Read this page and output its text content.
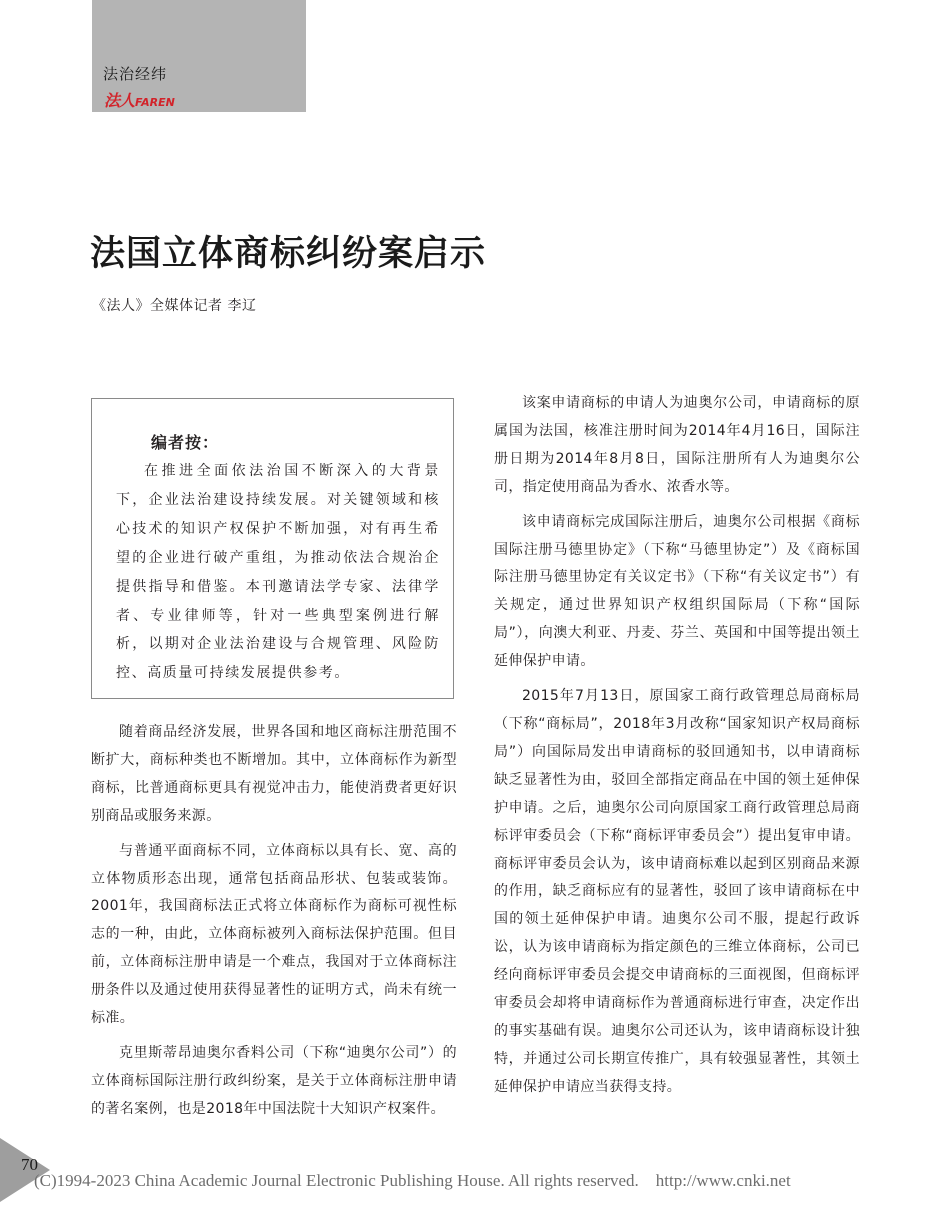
法治经纬
法人 FAREN
法国立体商标纠纷案启示
《法人》全媒体记者 李辽
编者按：

在推进全面依法治国不断深入的大背景下，企业法治建设持续发展。对关键领域和核心技术的知识产权保护不断加强，对有再生希望的企业进行破产重组，为推动依法合规治企提供指导和借鉴。本刊邀请法学专家、法律学者、专业律师等，针对一些典型案例进行解析，以期对企业法治建设与合规管理、风险防控、高质量可持续发展提供参考。

随着商品经济发展，世界各国和地区商标注册范围不断扩大，商标种类也不断增加。其中，立体商标作为新型商标，比普通商标更具有视觉冲击力，能使消费者更好识别商品或服务来源。

与普通平面商标不同，立体商标以具有长、宽、高的立体物质形态出现，通常包括商品形状、包装或装饰。2001年，我国商标法正式将立体商标作为商标可视性标志的一种，由此，立体商标被列入商标法保护范围。但目前，立体商标注册申请是一个难点，我国对于立体商标注册条件以及通过使用获得显著性的证明方式，尚未有统一标准。

克里斯蒂昂迪奥尔香料公司（下称“迪奥尔公司”）的立体商标国际注册行政纠纷案，是关于立体商标注册申请的著名案例，也是2018年中国法院十大知识产权案件。

该案申请商标的申请人为迪奥尔公司，申请商标的原属国为法国，核准注册时间为2014年4月16日，国际注册日期为2014年8月8日，国际注册所有人为迪奥尔公司，指定使用商品为香水、浓香水等。

该申请商标完成国际注册后，迪奥尔公司根据《商标国际注册马德里协定》（下称“马德里协定”）及《商标国际注册马德里协定有关议定书》（下称“有关议定书”）有关规定，通过世界知识产权组织国际局（下称“国际局”），向澳大利亚、丹麦、芬兰、英国和中国等提出领土延伸保护申请。

2015年7月13日，原国家工商行政管理总局商标局（下称“商标局”，2018年3月改称“国家知识产权局商标局”）向国际局发出申请商标的驳回通知书，以申请商标缺乏显著性为由，驳回全部指定商品在中国的领土延伸保护申请。之后，迪奥尔公司向原国家工商行政管理总局商标评审委员会（下称“商标评审委员会”）提出复审申请。商标评审委员会认为，该申请商标难以起到区别商品来源的作用，缺乏商标应有的显著性，驳回了该申请商标在中国的领土延伸保护申请。迪奥尔公司不服，提起行政诉讼，认为该申请商标为指定颜色的三维立体商标，公司已经向商标评审委员会提交申请商标的三面视图，但商标评审委员会却将申请商标作为普通商标进行审查，决定作出的事实基础有误。迪奥尔公司还认为，该申请商标设计独特，并通过公司长期宣传推广，具有较强显著性，其领土延伸保护申请应当获得支持。

70
(C)1994-2023 China Academic Journal Electronic Publishing House. All rights reserved.    http://www.cnki.net
